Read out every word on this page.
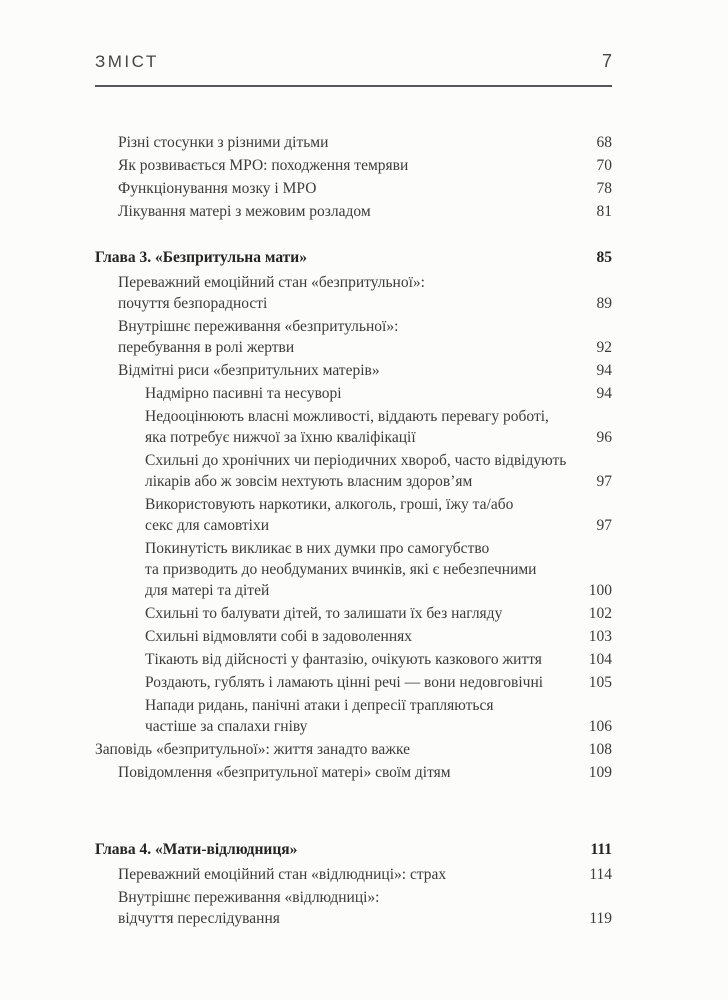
ЗМІСТ	7
Різні стосунки з різними дітьми	68
Як розвивається МРО: походження темряви	70
Функціонування мозку і МРО	78
Лікування матері з межовим розладом	81
Глава 3. «Безпритульна мати»	85
Переважний емоційний стан «безпритульної»:
почуття безпорадності	89
Внутрішнє переживання «безпритульної»:
перебування в ролі жертви	92
Відмітні риси «безпритульних матерів»	94
Надмірно пасивні та несуворі	94
Недооцінюють власні можливості, віддають перевагу роботі,
яка потребує нижчої за їхню кваліфікації	96
Схильні до хронічних чи періодичних хвороб, часто відвідують
лікарів або ж зовсім нехтують власним здоров’ям	97
Використовують наркотики, алкоголь, гроші, їжу та/або
секс для самовтіхи	97
Покинутість викликає в них думки про самогубство
та призводить до необдуманих вчинків, які є небезпечними
для матері та дітей	100
Схильні то балувати дітей, то залишати їх без нагляду	102
Схильні відмовляти собі в задоволеннях	103
Тікають від дійсності у фантазію, очікують казкового життя	104
Роздають, гублять і ламають цінні речі — вони недовговічні	105
Напади ридань, панічні атаки і депресії трапляються
частіше за спалахи гніву	106
Заповідь «безпритульної»: життя занадто важке	108
Повідомлення «безпритульної матері» своїм дітям	109
Глава 4. «Мати-відлюдниця»	111
Переважний емоційний стан «відлюдниці»: страх	114
Внутрішнє переживання «відлюдниці»:
відчуття переслідування	119
